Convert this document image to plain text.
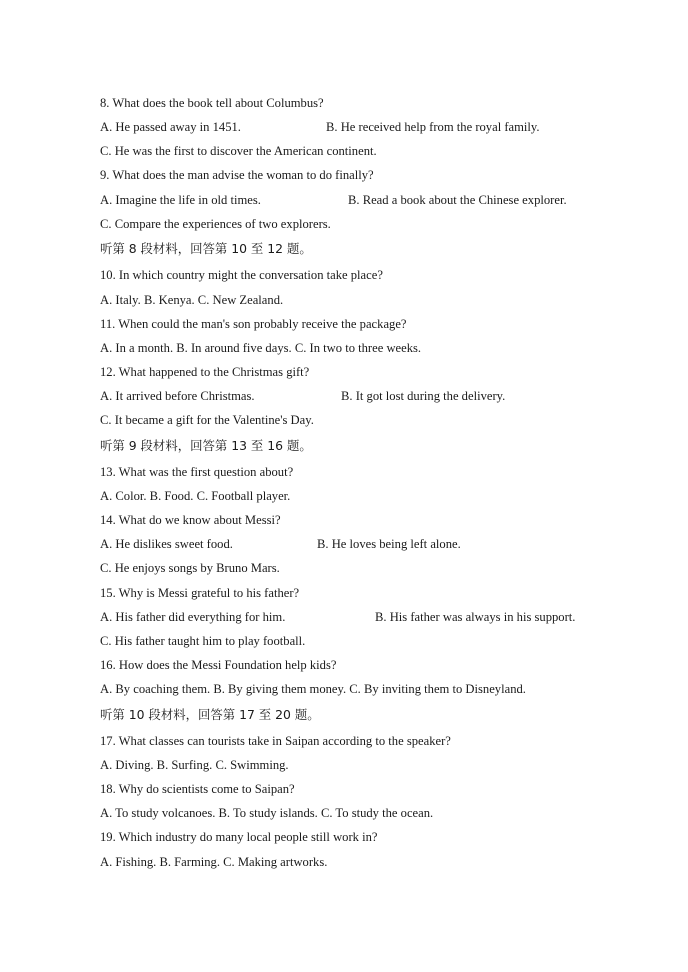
8. What does the book tell about Columbus?
A. He passed away in 1451.	B. He received help from the royal family.
C. He was the first to discover the American continent.
9. What does the man advise the woman to do finally?
A. Imagine the life in old times.	B. Read a book about the Chinese explorer.
C. Compare the experiences of two explorers.
听第 8 段材料，回答第 10 至 12 题。
10. In which country might the conversation take place?
A. Italy. B. Kenya. C. New Zealand.
11. When could the man's son probably receive the package?
A. In a month. B. In around five days. C. In two to three weeks.
12. What happened to the Christmas gift?
A. It arrived before Christmas.	B. It got lost during the delivery.
C. It became a gift for the Valentine's Day.
听第 9 段材料，回答第 13 至 16 题。
13. What was the first question about?
A. Color. B. Food. C. Football player.
14. What do we know about Messi?
A. He dislikes sweet food.	B. He loves being left alone.
C. He enjoys songs by Bruno Mars.
15. Why is Messi grateful to his father?
A. His father did everything for him.	B. His father was always in his support.
C. His father taught him to play football.
16. How does the Messi Foundation help kids?
A. By coaching them. B. By giving them money. C. By inviting them to Disneyland.
听第 10 段材料，回答第 17 至 20 题。
17. What classes can tourists take in Saipan according to the speaker?
A. Diving. B. Surfing. C. Swimming.
18. Why do scientists come to Saipan?
A. To study volcanoes. B. To study islands. C. To study the ocean.
19. Which industry do many local people still work in?
A. Fishing. B. Farming. C. Making artworks.
